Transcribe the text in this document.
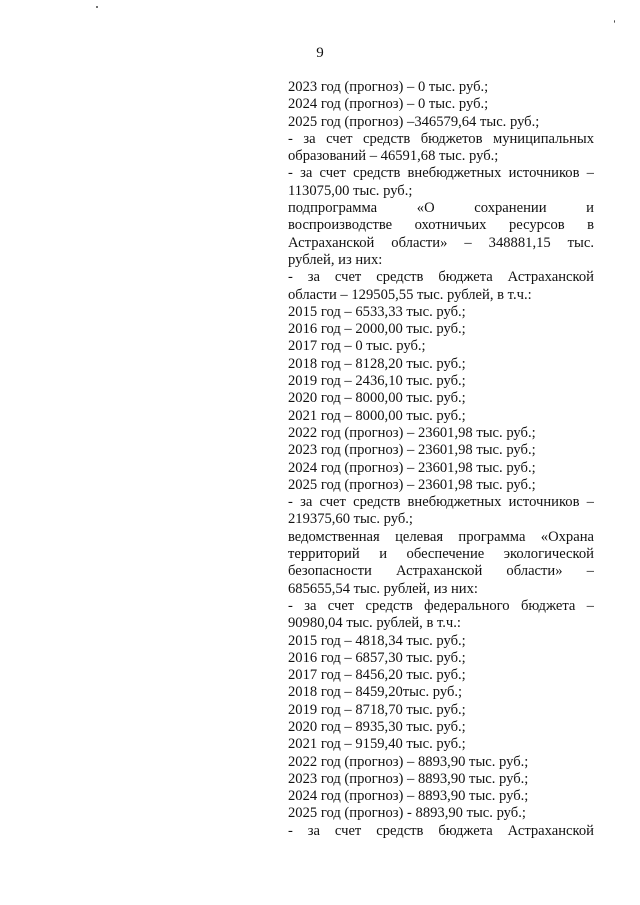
9
2023 год (прогноз) – 0 тыс. руб.;
2024 год (прогноз) – 0 тыс. руб.;
2025 год (прогноз) –346579,64 тыс. руб.;
- за счет средств бюджетов муниципальных
образований – 46591,68 тыс. руб.;
- за счет средств внебюджетных источников –
113075,00 тыс. руб.;
подпрограмма «О сохранении и
воспроизводстве охотничьих ресурсов в
Астраханской области» – 348881,15 тыс.
рублей, из них:
- за счет средств бюджета Астраханской
области – 129505,55 тыс. рублей, в т.ч.:
2015 год – 6533,33 тыс. руб.;
2016 год – 2000,00 тыс. руб.;
2017 год – 0 тыс. руб.;
2018 год – 8128,20 тыс. руб.;
2019 год – 2436,10 тыс. руб.;
2020 год – 8000,00 тыс. руб.;
2021 год – 8000,00 тыс. руб.;
2022 год (прогноз) – 23601,98 тыс. руб.;
2023 год (прогноз) – 23601,98 тыс. руб.;
2024 год (прогноз) – 23601,98 тыс. руб.;
2025 год (прогноз) – 23601,98 тыс. руб.;
- за счет средств внебюджетных источников –
219375,60 тыс. руб.;
ведомственная целевая программа «Охрана
территорий и обеспечение экологической
безопасности Астраханской области» –
685655,54 тыс. рублей, из них:
- за счет средств федерального бюджета –
90980,04 тыс. рублей, в т.ч.:
2015 год – 4818,34 тыс. руб.;
2016 год – 6857,30 тыс. руб.;
2017 год – 8456,20 тыс. руб.;
2018 год – 8459,20тыс. руб.;
2019 год – 8718,70 тыс. руб.;
2020 год – 8935,30 тыс. руб.;
2021 год – 9159,40 тыс. руб.;
2022 год (прогноз) – 8893,90 тыс. руб.;
2023 год (прогноз) – 8893,90 тыс. руб.;
2024 год (прогноз) – 8893,90 тыс. руб.;
2025 год (прогноз) - 8893,90 тыс. руб.;
- за счет средств бюджета Астраханской
